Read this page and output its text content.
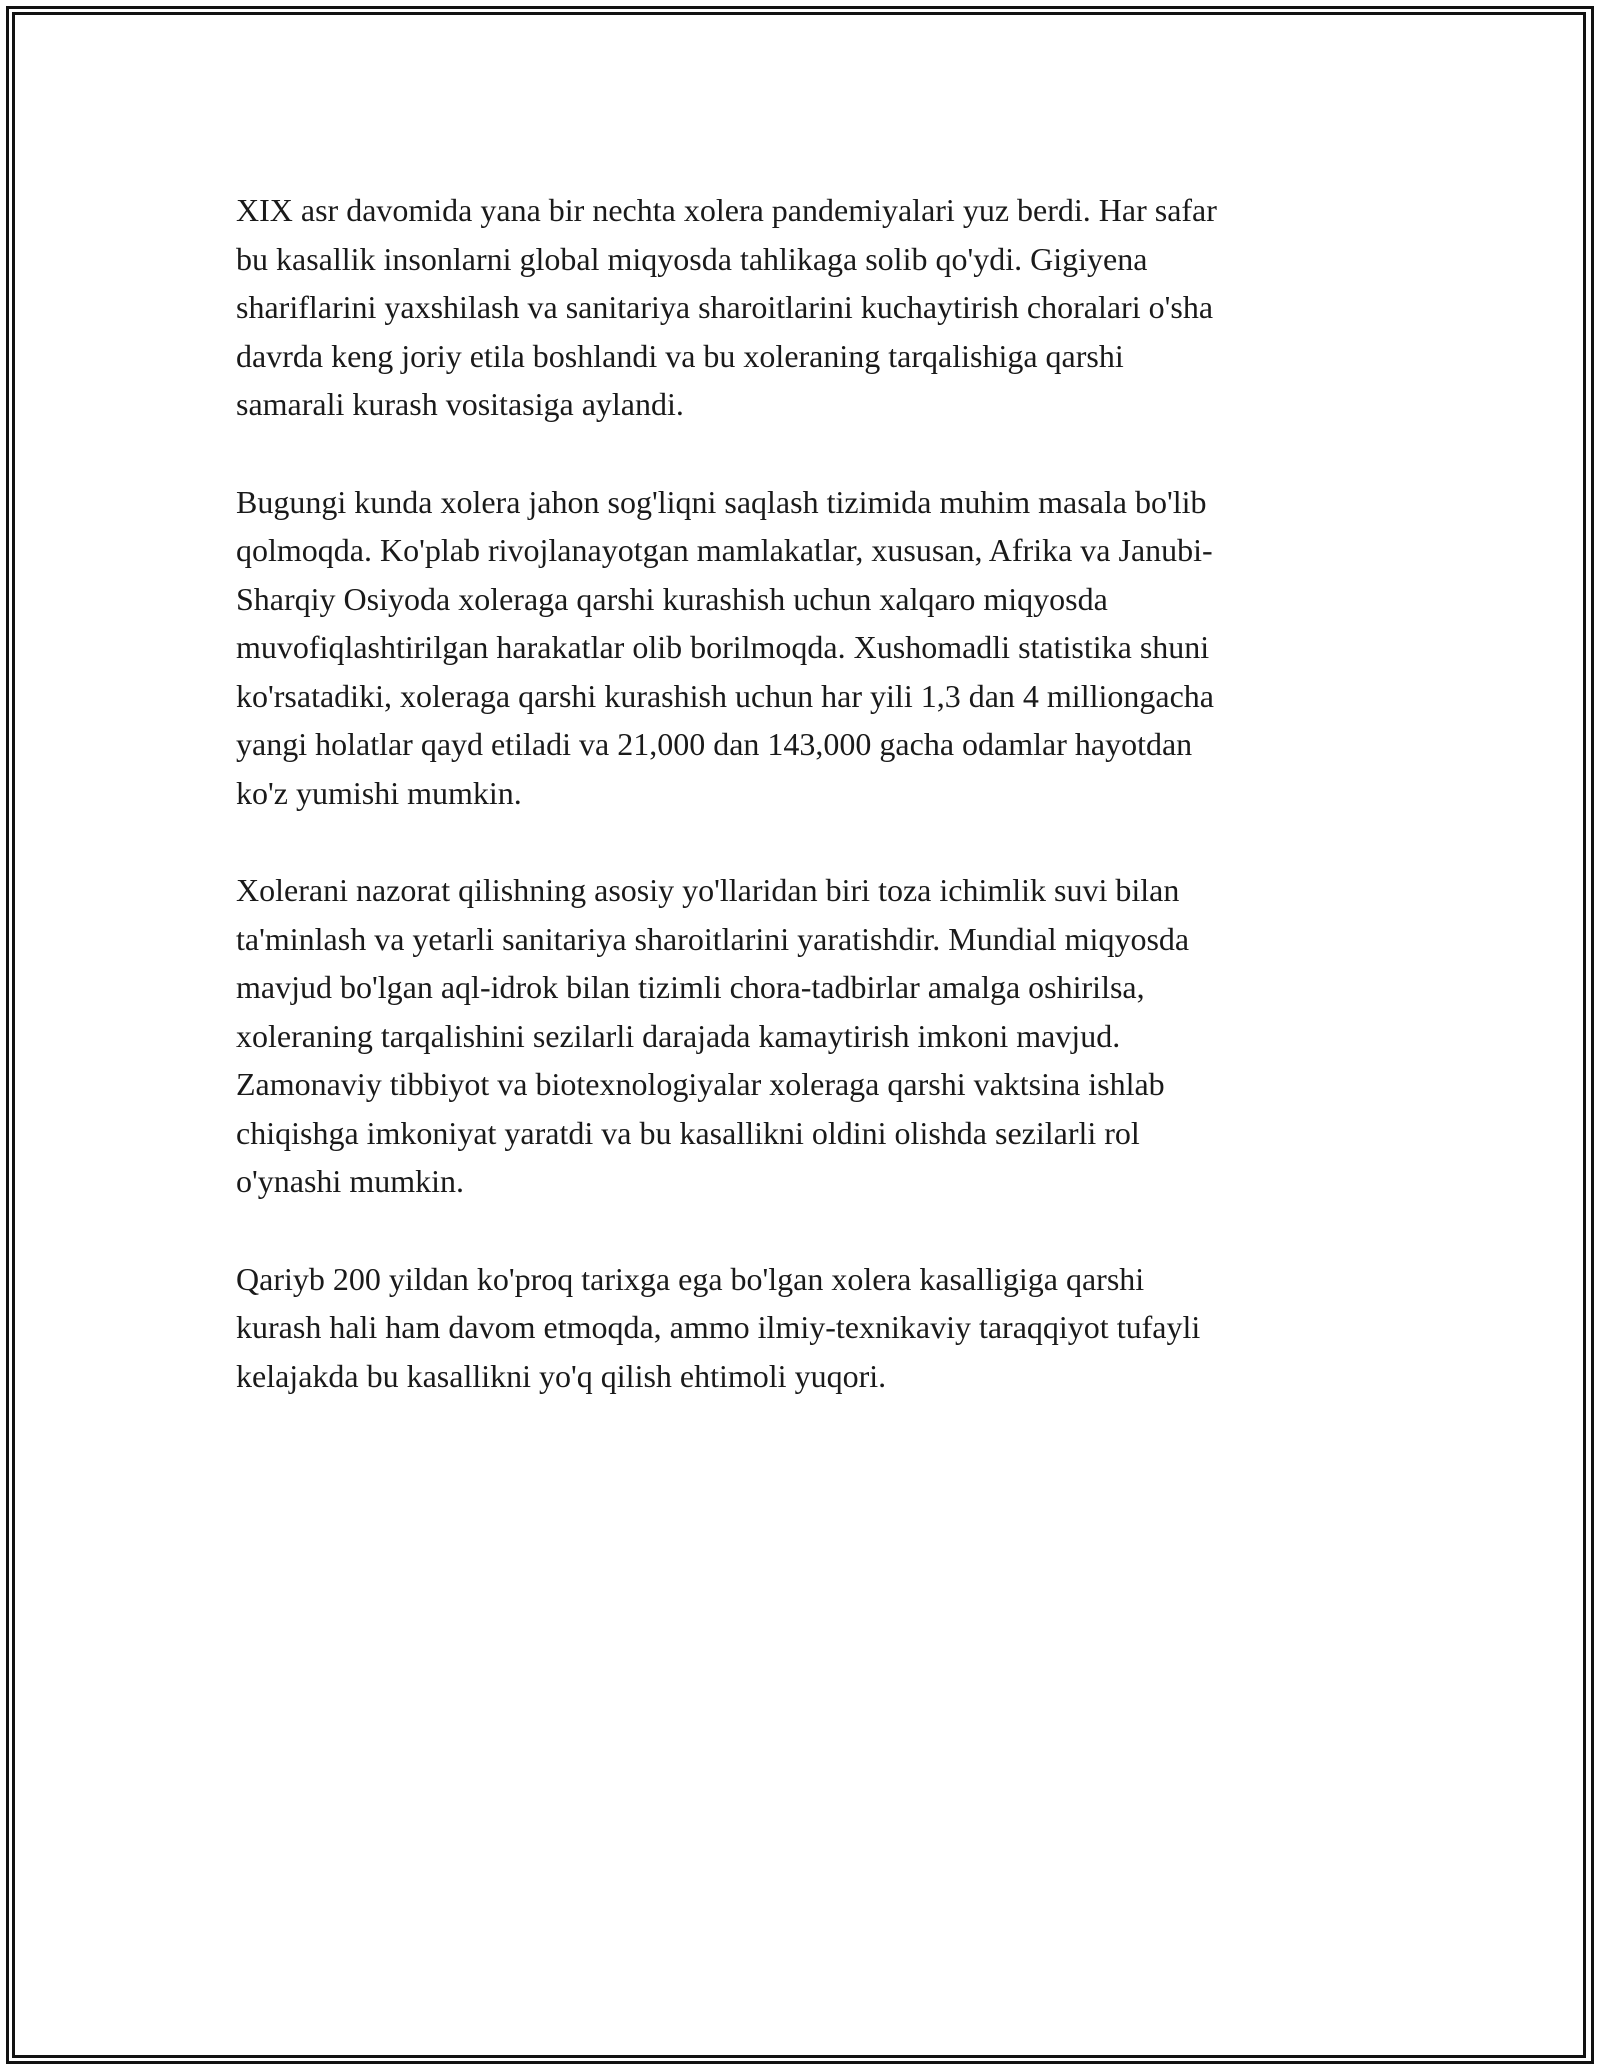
XIX asr davomida yana bir nechta xolera pandemiyalari yuz berdi. Har safar
bu kasallik insonlarni global miqyosda tahlikaga solib qo'ydi. Gigiyena
shariflarini yaxshilash va sanitariya sharoitlarini kuchaytirish choralari o'sha
davrda keng joriy etila boshlandi va bu xoleraning tarqalishiga qarshi
samarali kurash vositasiga aylandi.

Bugungi kunda xolera jahon sog'liqni saqlash tizimida muhim masala bo'lib
qolmoqda. Ko'plab rivojlanayotgan mamlakatlar, xususan, Afrika va Janubi-
Sharqiy Osiyoda xoleraga qarshi kurashish uchun xalqaro miqyosda
muvofiqlashtirilgan harakatlar olib borilmoqda. Xushomadli statistika shuni
ko'rsatadiki, xoleraga qarshi kurashish uchun har yili 1,3 dan 4 milliongacha
yangi holatlar qayd etiladi va 21,000 dan 143,000 gacha odamlar hayotdan
ko'z yumishi mumkin.

Xolerani nazorat qilishning asosiy yo'llaridan biri toza ichimlik suvi bilan
ta'minlash va yetarli sanitariya sharoitlarini yaratishdir. Mundial miqyosda
mavjud bo'lgan aql-idrok bilan tizimli chora-tadbirlar amalga oshirilsa,
xoleraning tarqalishini sezilarli darajada kamaytirish imkoni mavjud.
Zamonaviy tibbiyot va biotexnologiyalar xoleraga qarshi vaktsina ishlab
chiqishga imkoniyat yaratdi va bu kasallikni oldini olishda sezilarli rol
o'ynashi mumkin.

Qariyb 200 yildan ko'proq tarixga ega bo'lgan xolera kasalligiga qarshi
kurash hali ham davom etmoqda, ammo ilmiy-texnikaviy taraqqiyot tufayli
kelajakda bu kasallikni yo'q qilish ehtimoli yuqori.
